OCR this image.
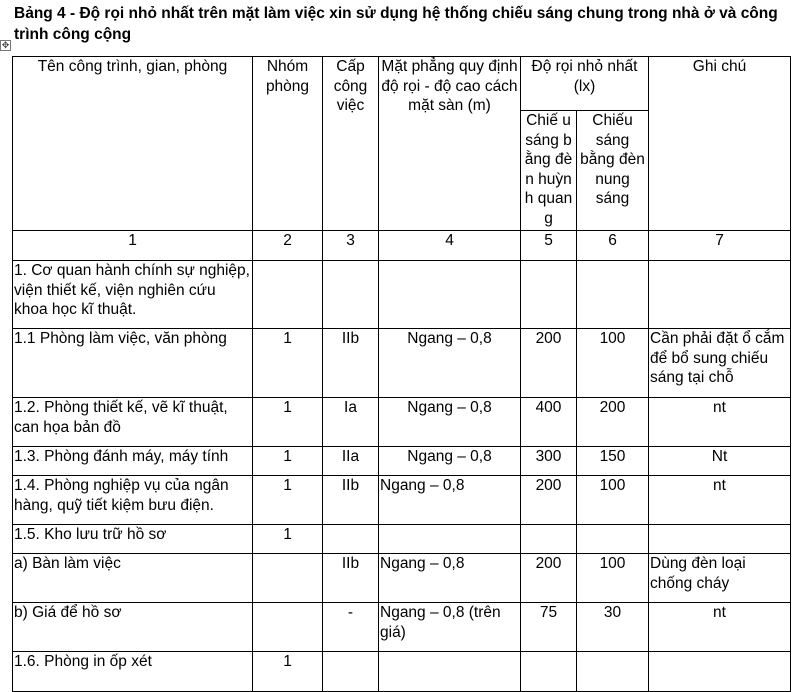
Bảng 4 - Độ rọi nhỏ nhất trên mặt làm việc xin sử dụng hệ thống chiếu sáng chung trong nhà ở và công trình công cộng
✥
Tên công trình, gian, phòng	Nhóm phòng	Cấp công việc	Mặt phẳng quy định độ rọi - độ cao cách mặt sàn (m)	Độ rọi nhỏ nhất (lx)		Ghi chú
				Chiế u sáng bằng đèn huỳn h quan g	Chiếu sáng bằng đèn nung sáng	
1	2	3	4	5	6	7
1. Cơ quan hành chính sự nghiệp, viện thiết kế, viện nghiên cứu khoa học kĩ thuật.						
1.1 Phòng làm việc, văn phòng	1	IIb	Ngang – 0,8	200	100	Cần phải đặt ổ cắm để bổ sung chiếu sáng tại chỗ
1.2. Phòng thiết kế, vẽ kĩ thuật, can họa bản đồ	1	Ia	Ngang – 0,8	400	200	nt
1.3. Phòng đánh máy, máy tính	1	IIa	Ngang – 0,8	300	150	Nt
1.4. Phòng nghiệp vụ của ngân hàng, quỹ tiết kiệm bưu điện.	1	IIb	Ngang – 0,8	200	100	nt
1.5. Kho lưu trữ hồ sơ	1					
a) Bàn làm việc		IIb	Ngang – 0,8	200	100	Dùng đèn loại chống cháy
b) Giá để hồ sơ		-	Ngang – 0,8 (trên giá)	75	30	nt
1.6. Phòng in ốp xét	1					
